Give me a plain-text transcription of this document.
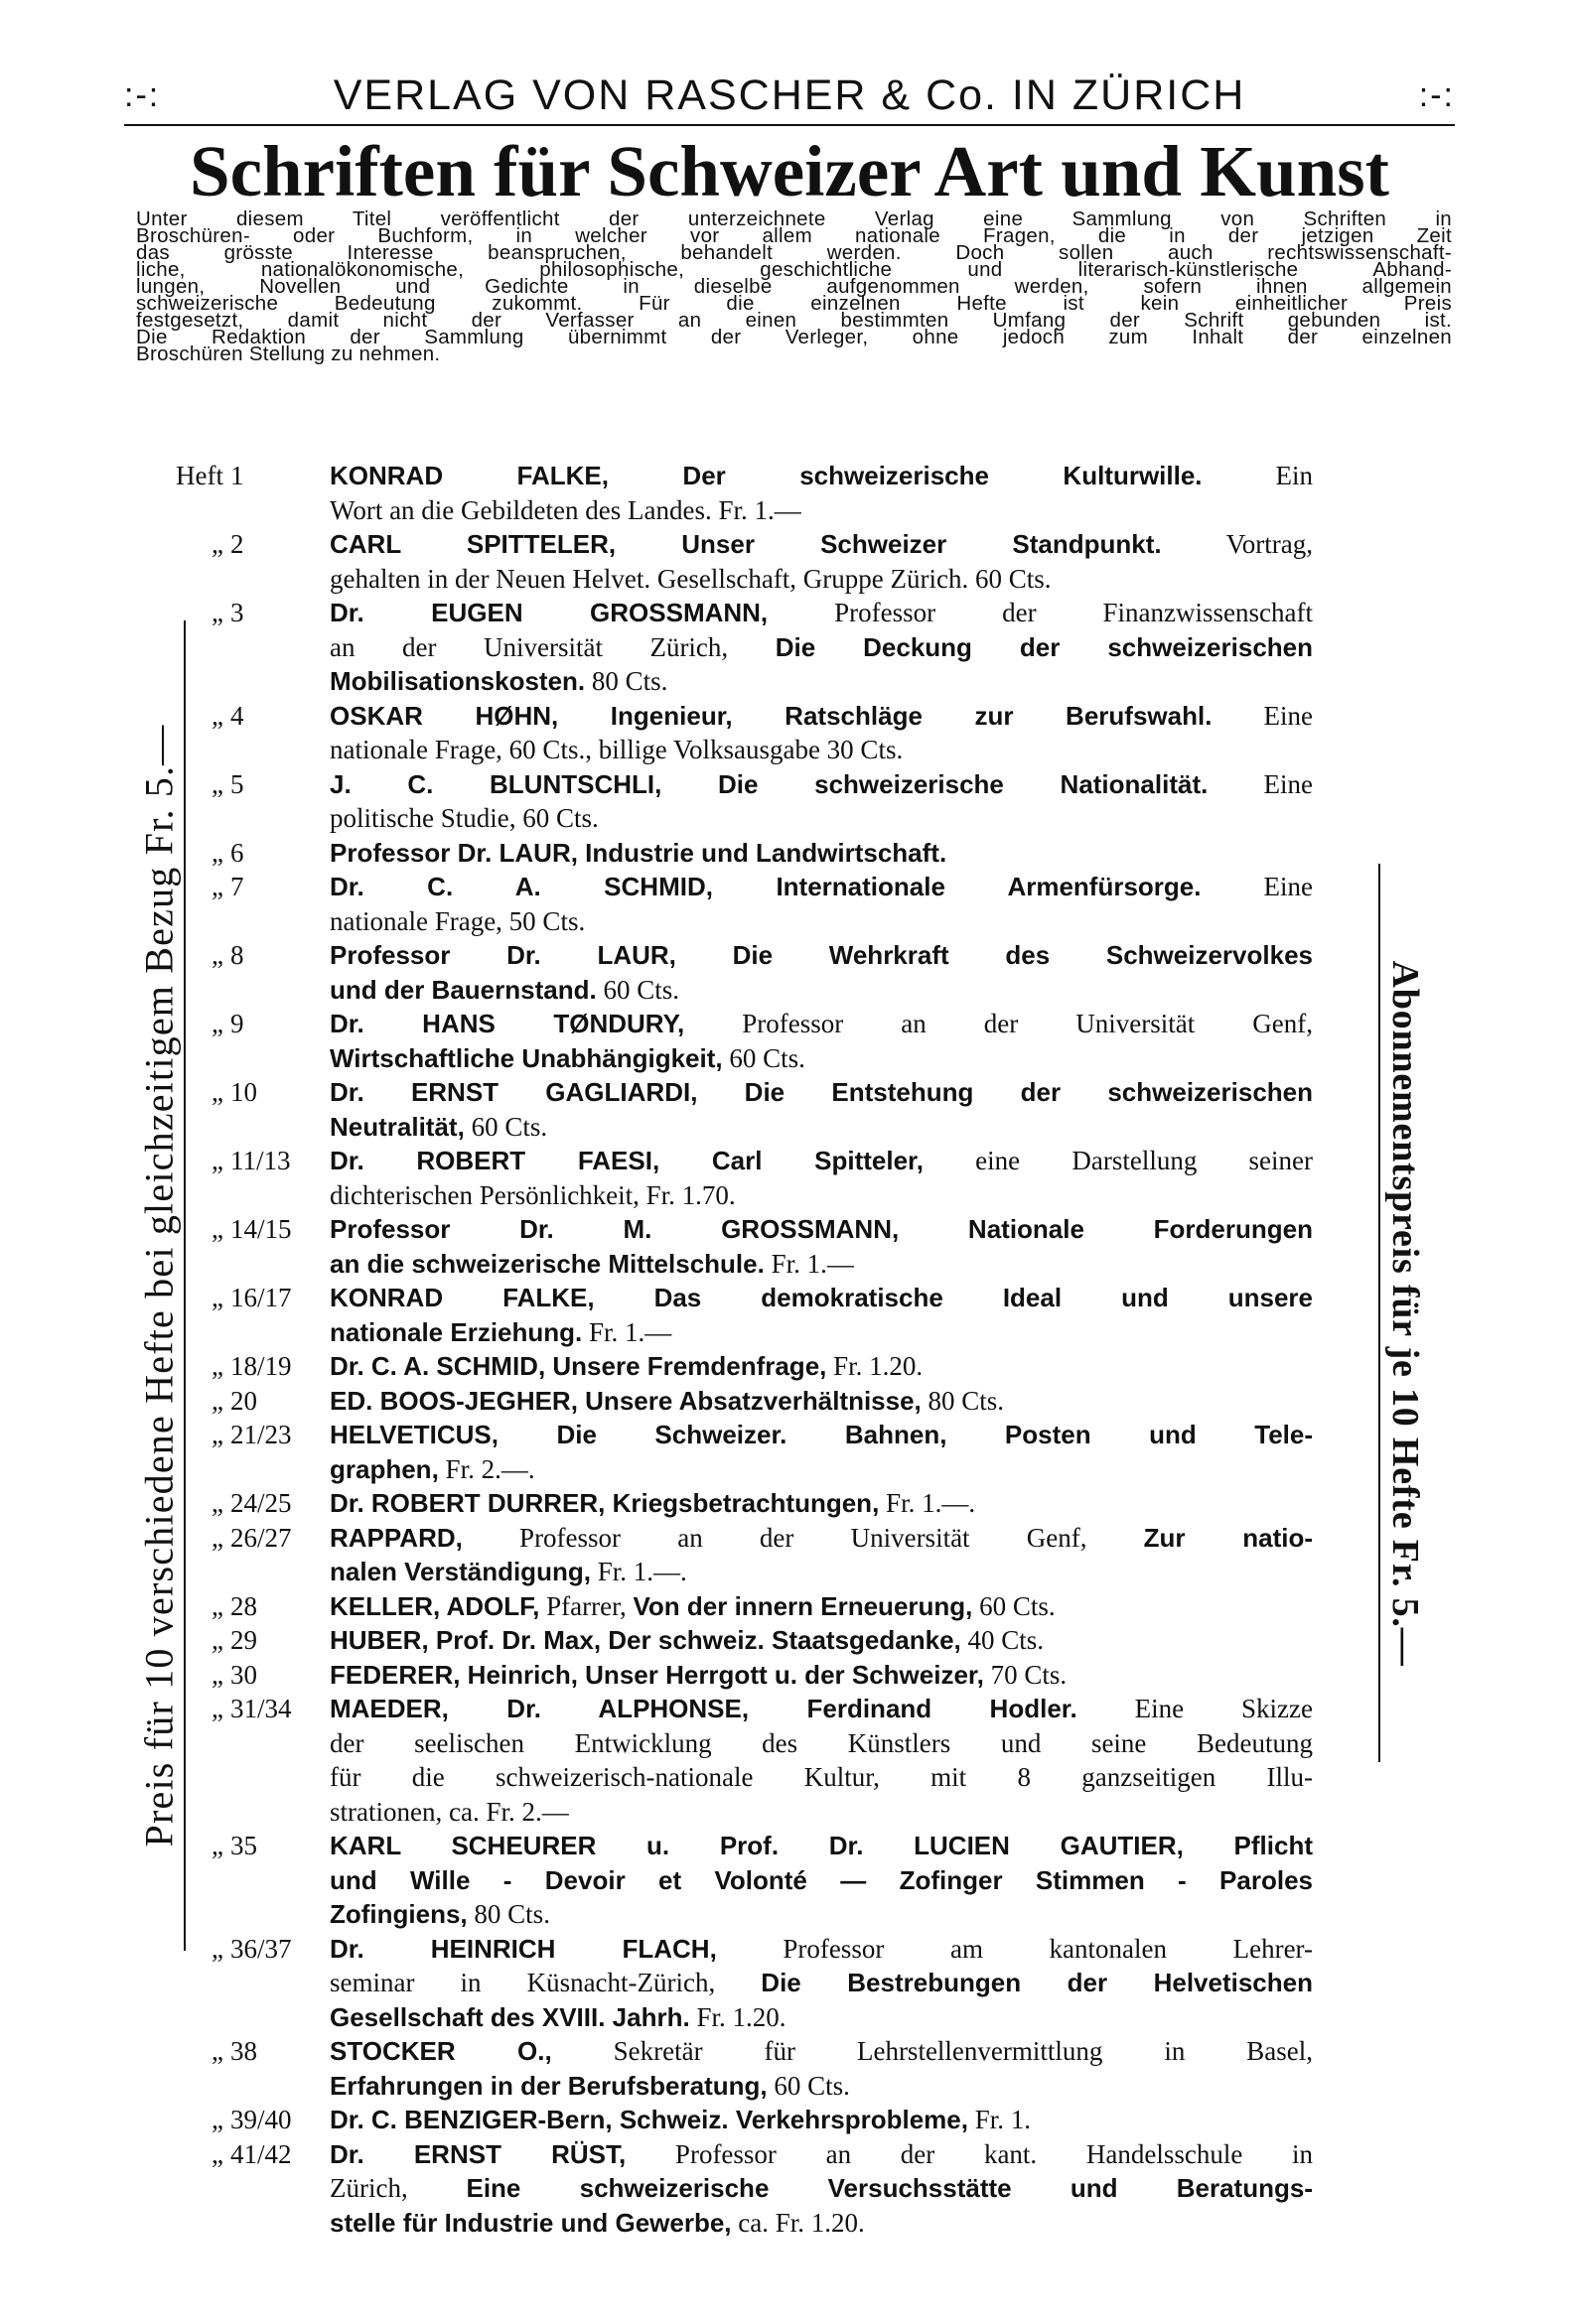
:-:	VERLAG VON RASCHER & Co. IN ZÜRICH	:-:
Schriften für Schweizer Art und Kunst
Unter diesem Titel veröffentlicht der unterzeichnete Verlag eine Sammlung von Schriften in
Broschüren- oder Buchform, in welcher vor allem nationale Fragen, die in der jetzigen Zeit
das grösste Interesse beanspruchen, behandelt werden. Doch sollen auch rechtswissenschaft-
liche, nationalökonomische, philosophische, geschichtliche und literarisch-künstlerische Abhand-
lungen, Novellen und Gedichte in dieselbe aufgenommen werden, sofern ihnen allgemein
schweizerische Bedeutung zukommt. Für die einzelnen Hefte ist kein einheitlicher Preis
festgesetzt, damit nicht der Verfasser an einen bestimmten Umfang der Schrift gebunden ist.
Die Redaktion der Sammlung übernimmt der Verleger, ohne jedoch zum Inhalt der einzelnen
Broschüren Stellung zu nehmen.
Preis für 10 verschiedene Hefte bei gleichzeitigem Bezug Fr. 5.—	Abonnementspreis für je 10 Hefte Fr. 5.—
Heft 1	KONRAD FALKE, Der schweizerische Kulturwille. Ein
Wort an die Gebildeten des Landes. Fr. 1.—
„ 2	CARL SPITTELER, Unser Schweizer Standpunkt. Vortrag,
gehalten in der Neuen Helvet. Gesellschaft, Gruppe Zürich. 60 Cts.
„ 3	Dr. EUGEN GROSSMANN, Professor der Finanzwissenschaft
an der Universität Zürich, Die Deckung der schweizerischen
Mobilisationskosten. 80 Cts.
„ 4	OSKAR HØHN, Ingenieur, Ratschläge zur Berufswahl. Eine
nationale Frage, 60 Cts., billige Volksausgabe 30 Cts.
„ 5	J. C. BLUNTSCHLI, Die schweizerische Nationalität. Eine
politische Studie, 60 Cts.
„ 6	Professor Dr. LAUR, Industrie und Landwirtschaft.
„ 7	Dr. C. A. SCHMID, Internationale Armenfürsorge. Eine
nationale Frage, 50 Cts.
„ 8	Professor Dr. LAUR, Die Wehrkraft des Schweizervolkes
und der Bauernstand. 60 Cts.
„ 9	Dr. HANS TØNDURY, Professor an der Universität Genf,
Wirtschaftliche Unabhängigkeit, 60 Cts.
„ 10	Dr. ERNST GAGLIARDI, Die Entstehung der schweizerischen
Neutralität, 60 Cts.
„ 11/13	Dr. ROBERT FAESI, Carl Spitteler, eine Darstellung seiner
dichterischen Persönlichkeit, Fr. 1.70.
„ 14/15	Professor Dr. M. GROSSMANN, Nationale Forderungen
an die schweizerische Mittelschule. Fr. 1.—
„ 16/17	KONRAD FALKE, Das demokratische Ideal und unsere
nationale Erziehung. Fr. 1.—
„ 18/19	Dr. C. A. SCHMID, Unsere Fremdenfrage, Fr. 1.20.
„ 20	ED. BOOS-JEGHER, Unsere Absatzverhältnisse, 80 Cts.
„ 21/23	HELVETICUS, Die Schweizer. Bahnen, Posten und Tele-
graphen, Fr. 2.—.
„ 24/25	Dr. ROBERT DURRER, Kriegsbetrachtungen, Fr. 1.—.
„ 26/27	RAPPARD, Professor an der Universität Genf, Zur natio-
nalen Verständigung, Fr. 1.—.
„ 28	KELLER, ADOLF, Pfarrer, Von der innern Erneuerung, 60 Cts.
„ 29	HUBER, Prof. Dr. Max, Der schweiz. Staatsgedanke, 40 Cts.
„ 30	FEDERER, Heinrich, Unser Herrgott u. der Schweizer, 70 Cts.
„ 31/34	MAEDER, Dr. ALPHONSE, Ferdinand Hodler. Eine Skizze
der seelischen Entwicklung des Künstlers und seine Bedeutung
für die schweizerisch-nationale Kultur, mit 8 ganzseitigen Illu-
strationen, ca. Fr. 2.—
„ 35	KARL SCHEURER u. Prof. Dr. LUCIEN GAUTIER, Pflicht
und Wille - Devoir et Volonté — Zofinger Stimmen - Paroles
Zofingiens, 80 Cts.
„ 36/37	Dr. HEINRICH FLACH, Professor am kantonalen Lehrer-
seminar in Küsnacht-Zürich, Die Bestrebungen der Helvetischen
Gesellschaft des XVIII. Jahrh. Fr. 1.20.
„ 38	STOCKER O., Sekretär für Lehrstellenvermittlung in Basel,
Erfahrungen in der Berufsberatung, 60 Cts.
„ 39/40	Dr. C. BENZIGER-Bern, Schweiz. Verkehrsprobleme, Fr. 1.
„ 41/42	Dr. ERNST RÜST, Professor an der kant. Handelsschule in
Zürich, Eine schweizerische Versuchsstätte und Beratungs-
stelle für Industrie und Gewerbe, ca. Fr. 1.20.
